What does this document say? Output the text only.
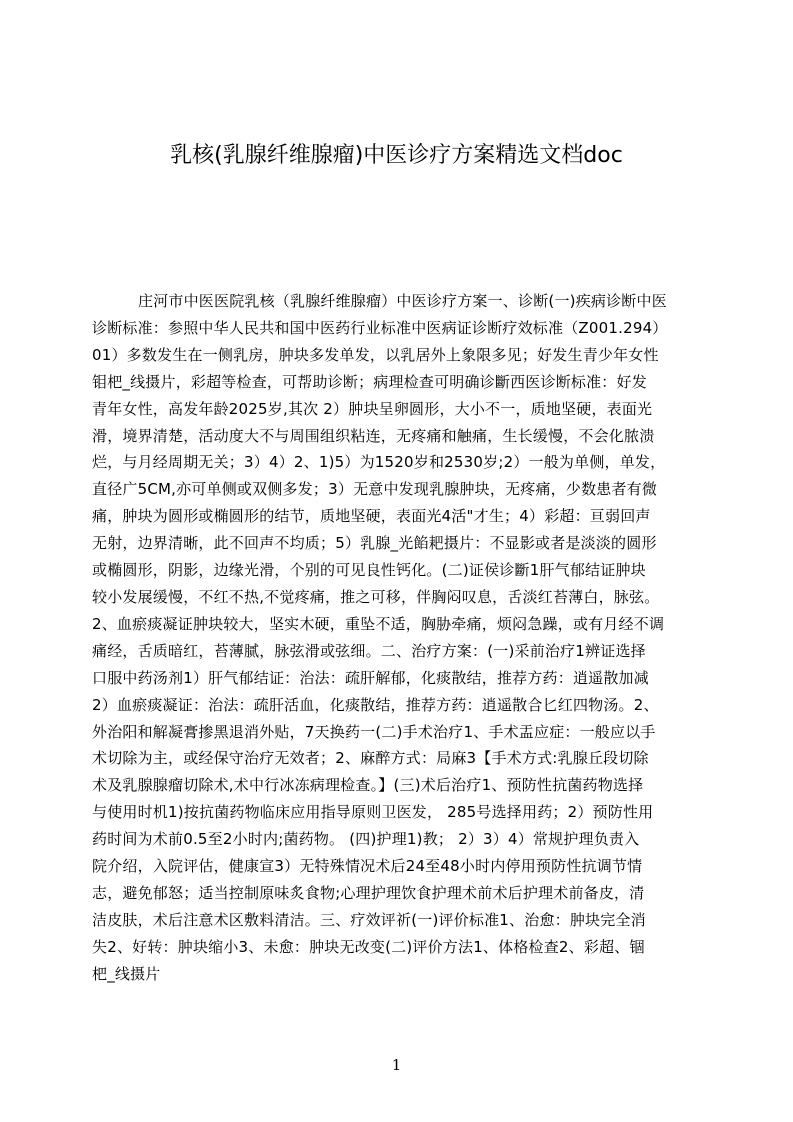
乳核(乳腺纤维腺瘤)中医诊疗方案精选文档doc
庄河市中医医院乳核（乳腺纤维腺瘤）中医诊疗方案一、诊断(一)疾病诊断中医
诊断标准：参照中华人民共和国中医药行业标准中医病证诊断疗效标准（Z001.294）
01）多数发生在一侧乳房，肿块多发单发，以乳居外上象限多见；好发生青少年女性
钼杷_线摄片，彩超等检查，可帮助诊断；病理检查可明确诊斷西医诊断标准：好发
青年女性，高发年龄2025岁,其次 2）肿块呈卵圆形，大小不一，质地坚硬，表面光
滑，境界清楚，活动度大不与周围组织粘连，无疼痛和触痛，生长缓慢，不会化脓溃
烂，与月经周期无关；3）4）2、1)5）为1520岁和2530岁;2）一般为单侧，单发，
直径广5CM,亦可单侧或双侧多发；3）无意中发现乳腺肿块，无疼痛，少数患者有微
痛，肿块为圆形或椭圆形的结节，质地坚硬，表面光4活"才生；4）彩超：亘弱回声
无射，边界清晰，此不回声不均质；5）乳腺_光餡耙摄片：不显影或者是淡淡的圆形
或椭圆形，阴影，边缘光滑，个别的可见良性钙化。(二)证侯诊斷1肝气郁结证肿块
较小发展缓慢，不红不热,不觉疼痛，推之可移，伴胸闷叹息，舌淡红苔薄白，脉弦。
2、血瘀痰凝证肿块较大，坚实木硬，重坠不适，胸胁牵痛，烦闷急躁，或有月经不调
痛经，舌质暗红，苔薄腻，脉弦滑或弦细。二、治疗方案：(一)采前治疗1辨证选择
口服中药汤剂1）肝气郁结证：治法：疏肝解郁，化痰散结，推荐方药：逍遥散加减
2）血瘀痰凝证：治法：疏肝活血，化痰散结，推荐方药：逍遥散合匕红四物汤。2、
外治阳和解凝膏掺黑退消外贴，7天换药一(二)手术治疗1、手术盂应症：一般应以手
术切除为主，或经保守治疗无效者；2、麻醉方式：局麻3【手术方式:乳腺丘段切除
术及乳腺腺瘤切除术,术中行冰冻病理检查。】(三)术后治疗1、预防性抗菌药物选择
与使用时机1)按抗菌药物临床应用指导原则卫医发， 285号选择用药；2）预防性用
药时间为术前0.5至2小时内;菌药物。 (四)护理1)教； 2）3）4）常规护理负责入
院介绍，入院评估，健康宣3）无特殊情况术后24至48小时内停用预防性抗调节情
志，避免郁怒；适当控制原味炙食物;心理护理饮食护理术前术后护理术前备皮，清
洁皮肤，术后注意术区敷料清洁。三、疗效评祈(一)评价标准1、治愈：肿块完全消
失2、好转：肿块缩小3、未愈：肿块无改变(二)评价方法1、体格检查2、彩超、锢
杷_线摄片
1
